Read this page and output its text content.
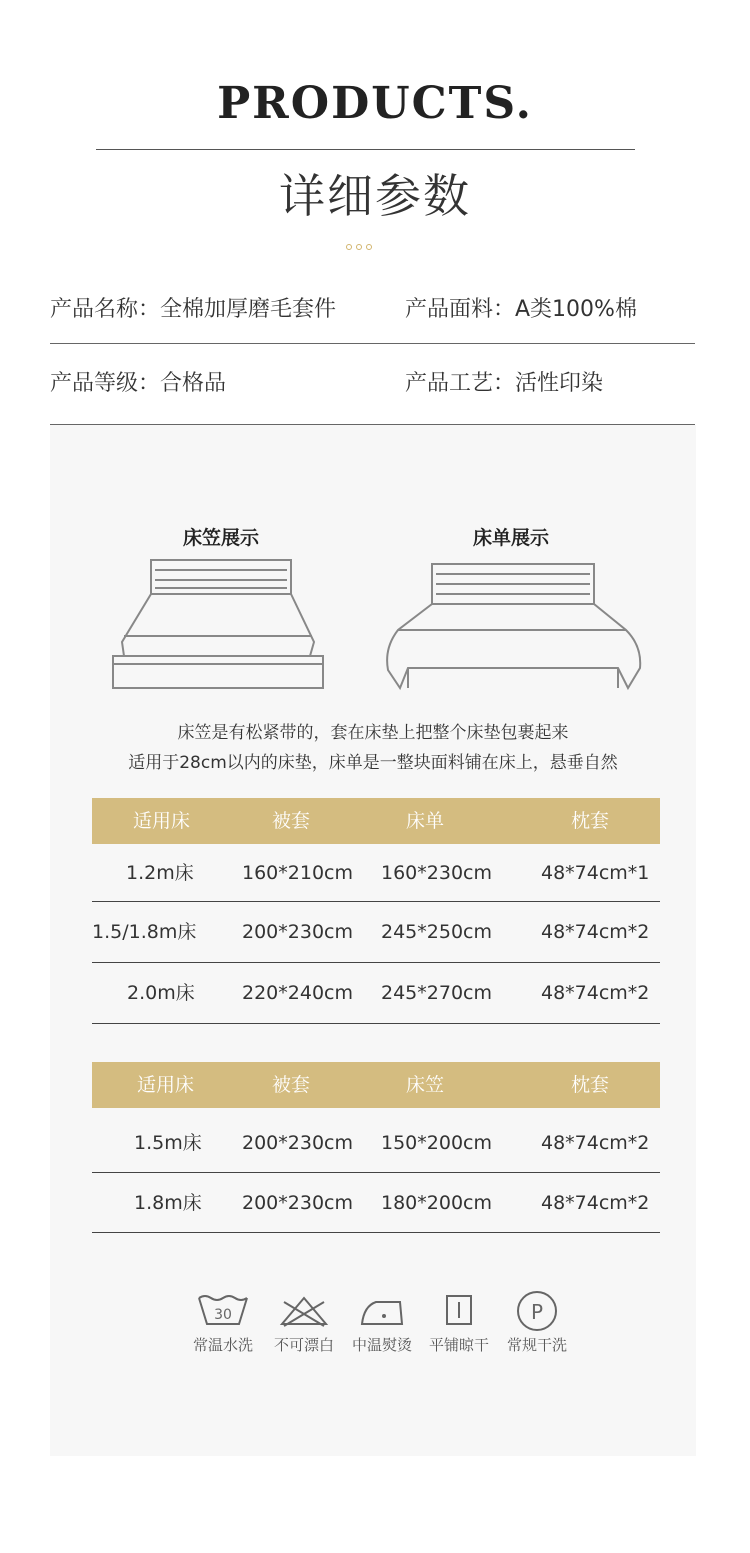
PRODUCTS.
详细参数
产品名称：全棉加厚磨毛套件	产品面料：A类100%棉
产品等级：合格品	产品工艺：活性印染
床笠展示	床单展示
床笠是有松紧带的，套在床垫上把整个床垫包裹起来
适用于28cm以内的床垫，床单是一整块面料铺在床上，悬垂自然
适用床	被套	床单	枕套
1.2m床	160*210cm 160*230cm	48*74cm*1
1.5/1.8m床 200*230cm 245*250cm	48*74cm*2
2.0m床 220*240cm 245*270cm	48*74cm*2
适用床	被套	床笠	枕套
1.5m床 200*230cm 150*200cm	48*74cm*2
1.8m床 200*230cm 180*200cm	48*74cm*2
30
常温水洗 不可漂白 中温熨烫 平铺晾干
P
常规干洗
